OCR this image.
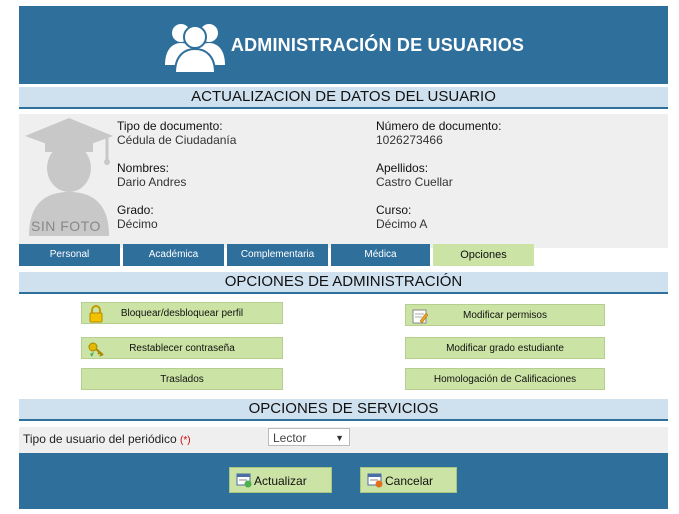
ADMINISTRACIÓN DE USUARIOS
ACTUALIZACION DE DATOS DEL USUARIO
SIN FOTO
Tipo de documento:
Cédula de Ciudadanía
Número de documento:
1026273466
Nombres:
Dario Andres
Apellidos:
Castro Cuellar
Grado:
Décimo
Curso:
Décimo A
Personal	Académica	Complementaria	Médica	Opciones
OPCIONES DE ADMINISTRACIÓN
Bloquear/desbloquear perfil	Modificar permisos
Restablecer contraseña	Modificar grado estudiante
Traslados	Homologación de Calificaciones
OPCIONES DE SERVICIOS
Tipo de usuario del periódico (*)	Lector	▼
Actualizar	Cancelar
